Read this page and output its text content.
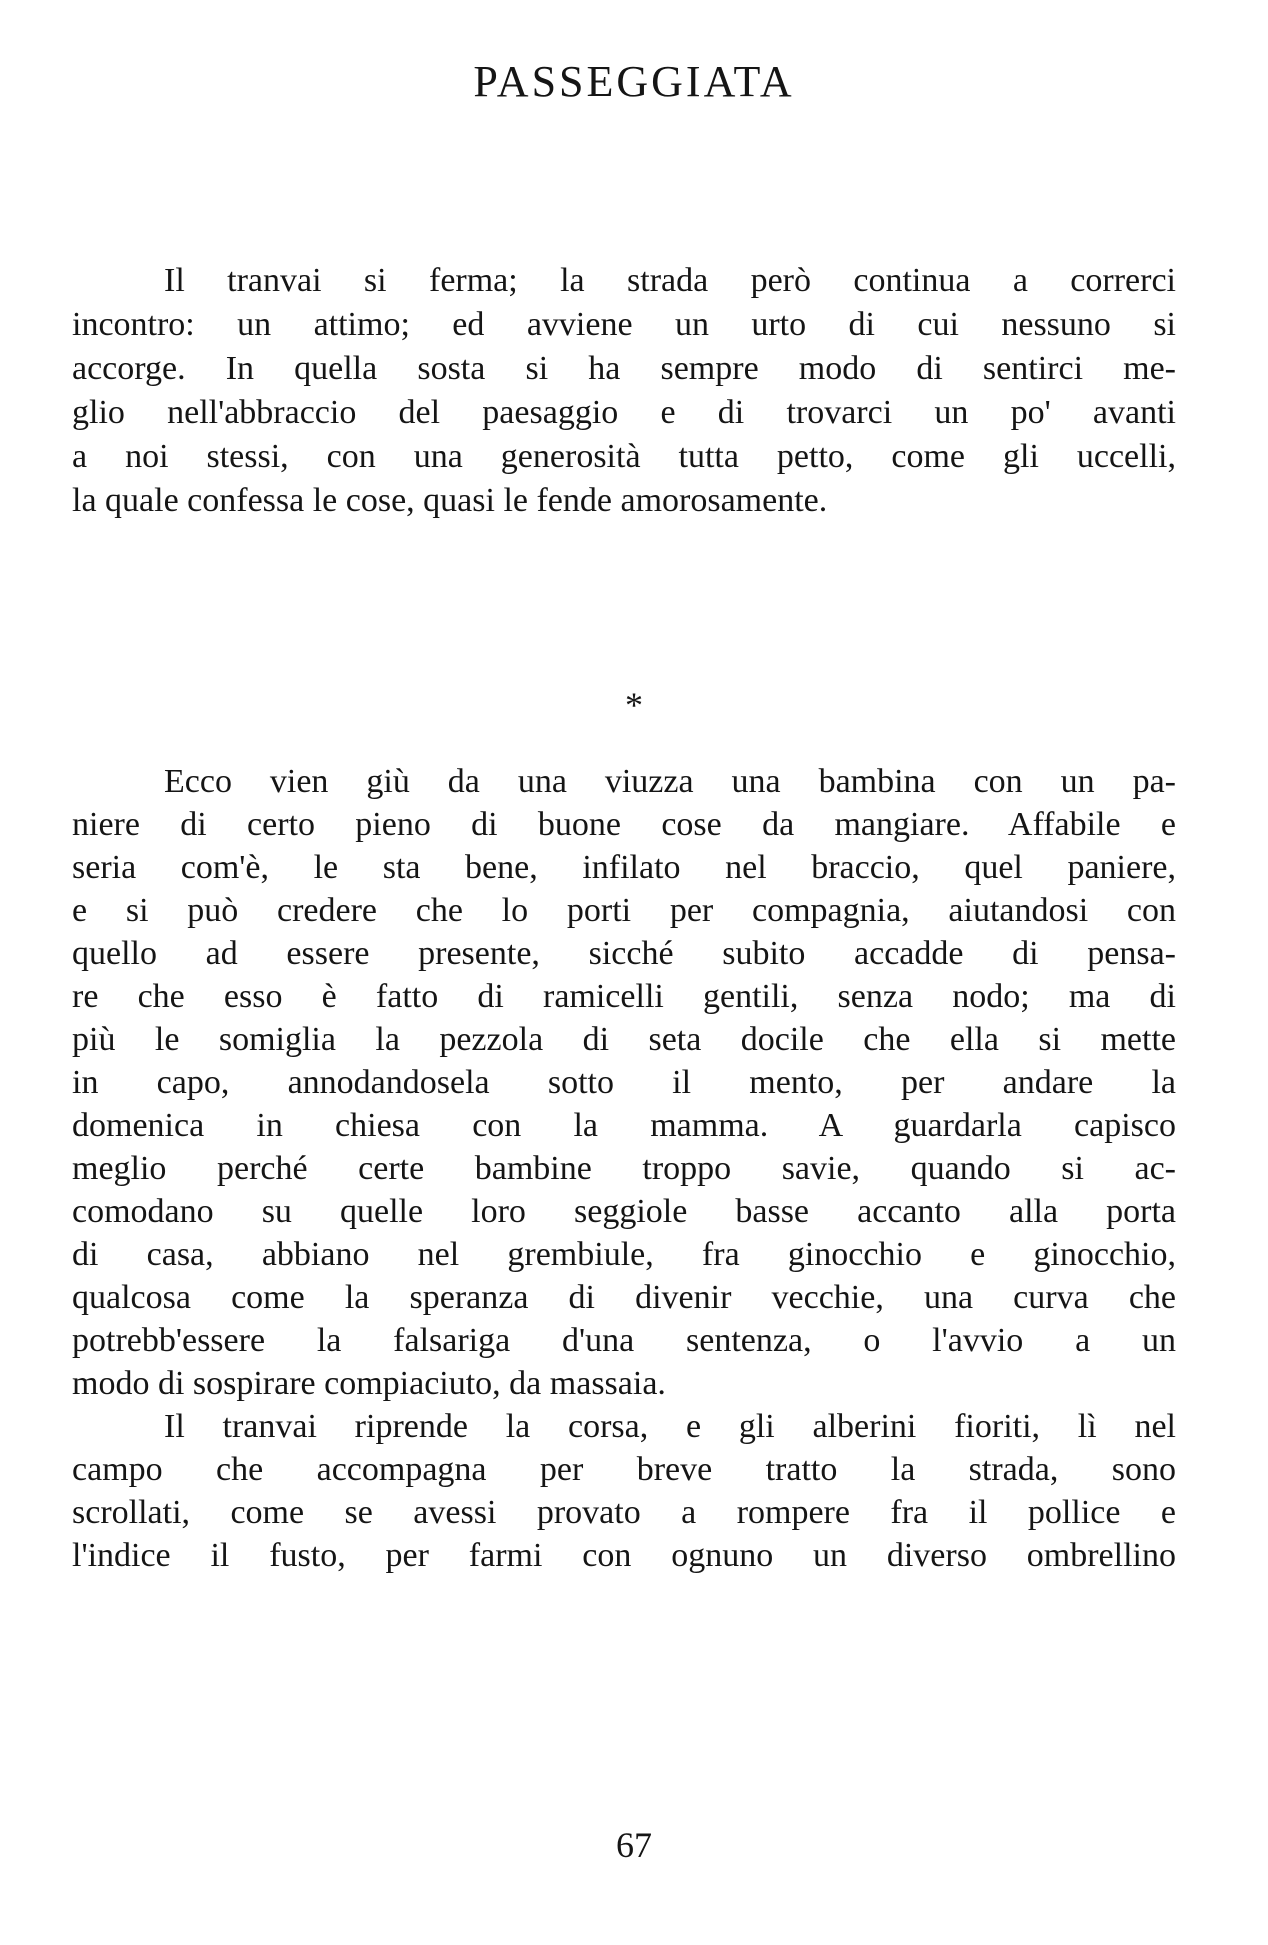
PASSEGGIATA
Il tranvai si ferma; la strada però continua a correrci
incontro: un attimo; ed avviene un urto di cui nessuno si
accorge. In quella sosta si ha sempre modo di sentirci me-
glio nell'abbraccio del paesaggio e di trovarci un po' avanti
a noi stessi, con una generosità tutta petto, come gli uccelli,
la quale confessa le cose, quasi le fende amorosamente.
*
Ecco vien giù da una viuzza una bambina con un pa-
niere di certo pieno di buone cose da mangiare. Affabile e
seria com'è, le sta bene, infilato nel braccio, quel paniere,
e si può credere che lo porti per compagnia, aiutandosi con
quello ad essere presente, sicché subito accadde di pensa-
re che esso è fatto di ramicelli gentili, senza nodo; ma di
più le somiglia la pezzola di seta docile che ella si mette
in capo, annodandosela sotto il mento, per andare la
domenica in chiesa con la mamma. A guardarla capisco
meglio perché certe bambine troppo savie, quando si ac-
comodano su quelle loro seggiole basse accanto alla porta
di casa, abbiano nel grembiule, fra ginocchio e ginocchio,
qualcosa come la speranza di divenir vecchie, una curva che
potrebb'essere la falsariga d'una sentenza, o l'avvio a un
modo di sospirare compiaciuto, da massaia.
Il tranvai riprende la corsa, e gli alberini fioriti, lì nel
campo che accompagna per breve tratto la strada, sono
scrollati, come se avessi provato a rompere fra il pollice e
l'indice il fusto, per farmi con ognuno un diverso ombrellino
67
